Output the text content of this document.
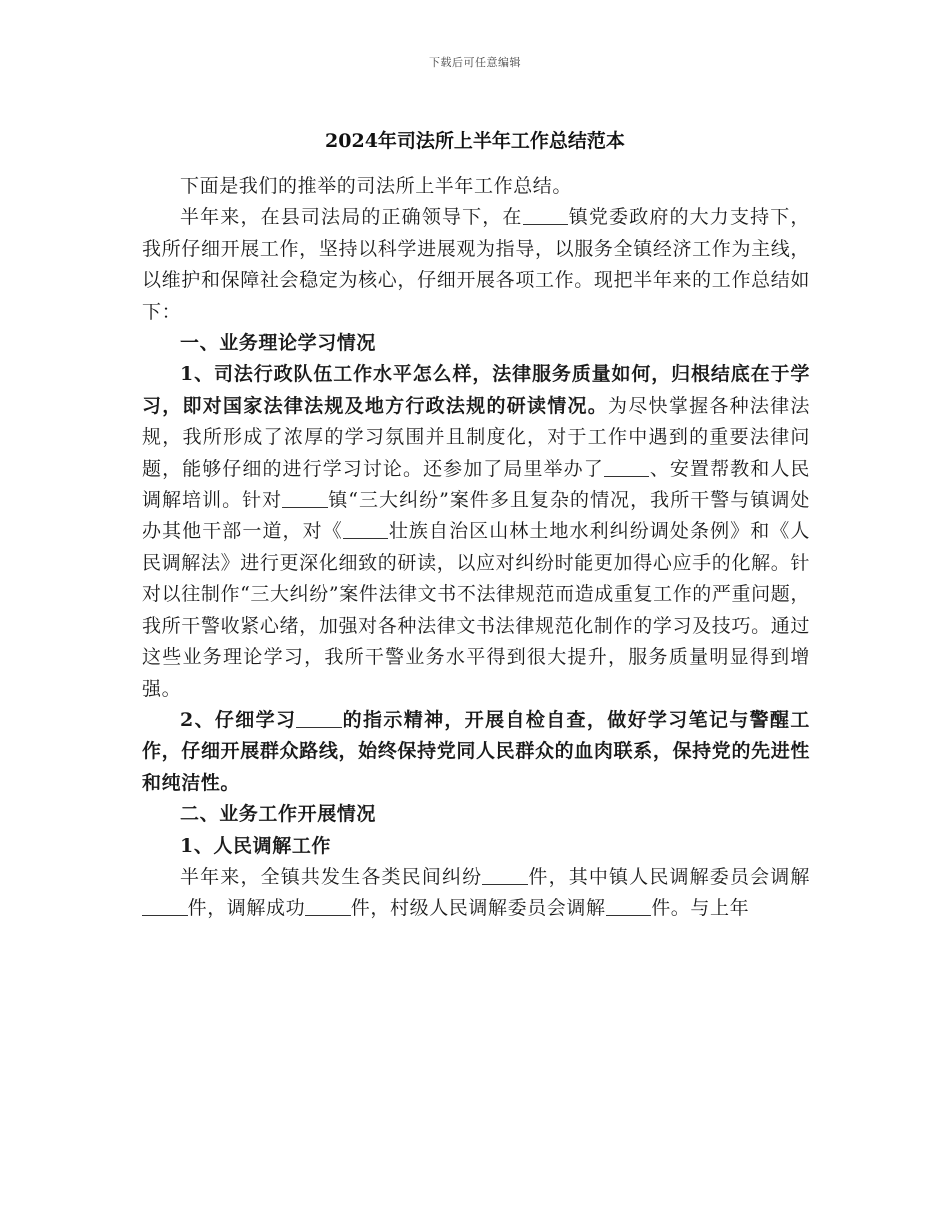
下载后可任意编辑
2024年司法所上半年工作总结范本

下面是我们的推举的司法所上半年工作总结。

半年来，在县司法局的正确领导下，在 镇党委政府的大力支持下，我所仔细开展工作，坚持以科学进展观为指导，以服务全镇经济工作为主线，以维护和保障社会稳定为核心，仔细开展各项工作。现把半年来的工作总结如下：

一、业务理论学习情况

1、司法行政队伍工作水平怎么样，法律服务质量如何，归根结底在于学习，即对国家法律法规及地方行政法规的研读情况。为尽快掌握各种法律法规，我所形成了浓厚的学习氛围并且制度化，对于工作中遇到的重要法律问题，能够仔细的进行学习讨论。还参加了局里举办了 、安置帮教和人民调解培训。针对 镇“三大纠纷”案件多且复杂的情况，我所干警与镇调处办其他干部一道，对《 壮族自治区山林土地水利纠纷调处条例》和《人民调解法》进行更深化细致的研读，以应对纠纷时能更加得心应手的化解。针对以往制作“三大纠纷”案件法律文书不法律规范而造成重复工作的严重问题，我所干警收紧心绪，加强对各种法律文书法律规范化制作的学习及技巧。通过这些业务理论学习，我所干警业务水平得到很大提升，服务质量明显得到增强。

2、仔细学习 的指示精神，开展自检自查，做好学习笔记与警醒工作，仔细开展群众路线，始终保持党同人民群众的血肉联系，保持党的先进性和纯洁性。

二、业务工作开展情况

1、人民调解工作

半年来，全镇共发生各类民间纠纷 件，其中镇人民调解委员会调解件，调解成功 件，村级人民调解委员会调解 件。与上年
